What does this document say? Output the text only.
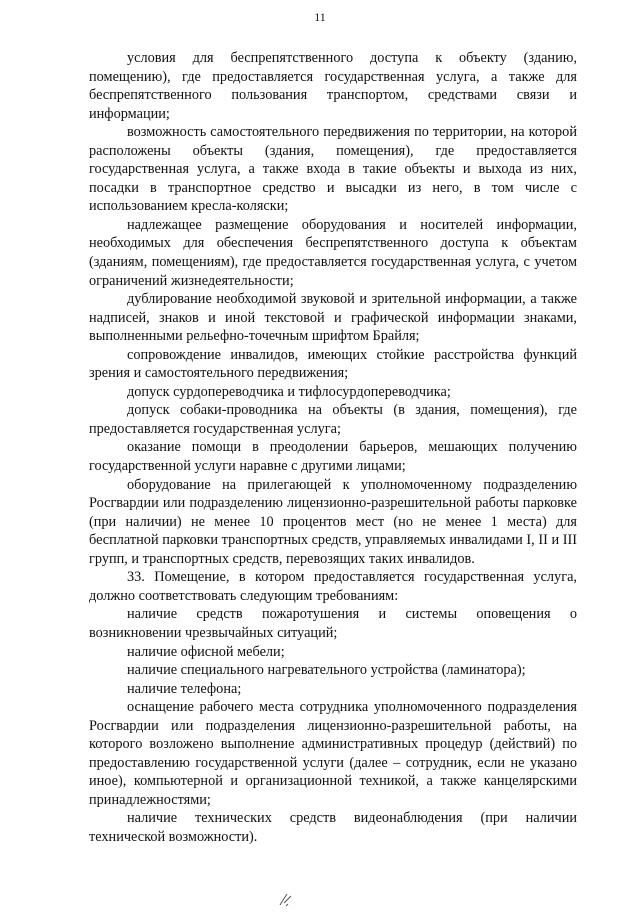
11

условия для беспрепятственного доступа к объекту (зданию, помещению), где предоставляется государственная услуга, а также для беспрепятственного пользования транспортом, средствами связи и информации;

возможность самостоятельного передвижения по территории, на которой расположены объекты (здания, помещения), где предоставляется государственная услуга, а также входа в такие объекты и выхода из них, посадки в транспортное средство и высадки из него, в том числе с использованием кресла-коляски;

надлежащее размещение оборудования и носителей информации, необходимых для обеспечения беспрепятственного доступа к объектам (зданиям, помещениям), где предоставляется государственная услуга, с учетом ограничений жизнедеятельности;

дублирование необходимой звуковой и зрительной информации, а также надписей, знаков и иной текстовой и графической информации знаками, выполненными рельефно-точечным шрифтом Брайля;

сопровождение инвалидов, имеющих стойкие расстройства функций зрения и самостоятельного передвижения;

допуск сурдопереводчика и тифлосурдопереводчика;

допуск собаки-проводника на объекты (в здания, помещения), где предоставляется государственная услуга;

оказание помощи в преодолении барьеров, мешающих получению государственной услуги наравне с другими лицами;

оборудование на прилегающей к уполномоченному подразделению Росгвардии или подразделению лицензионно-разрешительной работы парковке (при наличии) не менее 10 процентов мест (но не менее 1 места) для бесплатной парковки транспортных средств, управляемых инвалидами I, II и III групп, и транспортных средств, перевозящих таких инвалидов.

33. Помещение, в котором предоставляется государственная услуга, должно соответствовать следующим требованиям:

наличие средств пожаротушения и системы оповещения о возникновении чрезвычайных ситуаций;

наличие офисной мебели;

наличие специального нагревательного устройства (ламинатора);

наличие телефона;

оснащение рабочего места сотрудника уполномоченного подразделения Росгвардии или подразделения лицензионно-разрешительной работы, на которого возложено выполнение административных процедур (действий) по предоставлению государственной услуги (далее – сотрудник, если не указано иное), компьютерной и организационной техникой, а также канцелярскими принадлежностями;

наличие технических средств видеонаблюдения (при наличии технической возможности).
